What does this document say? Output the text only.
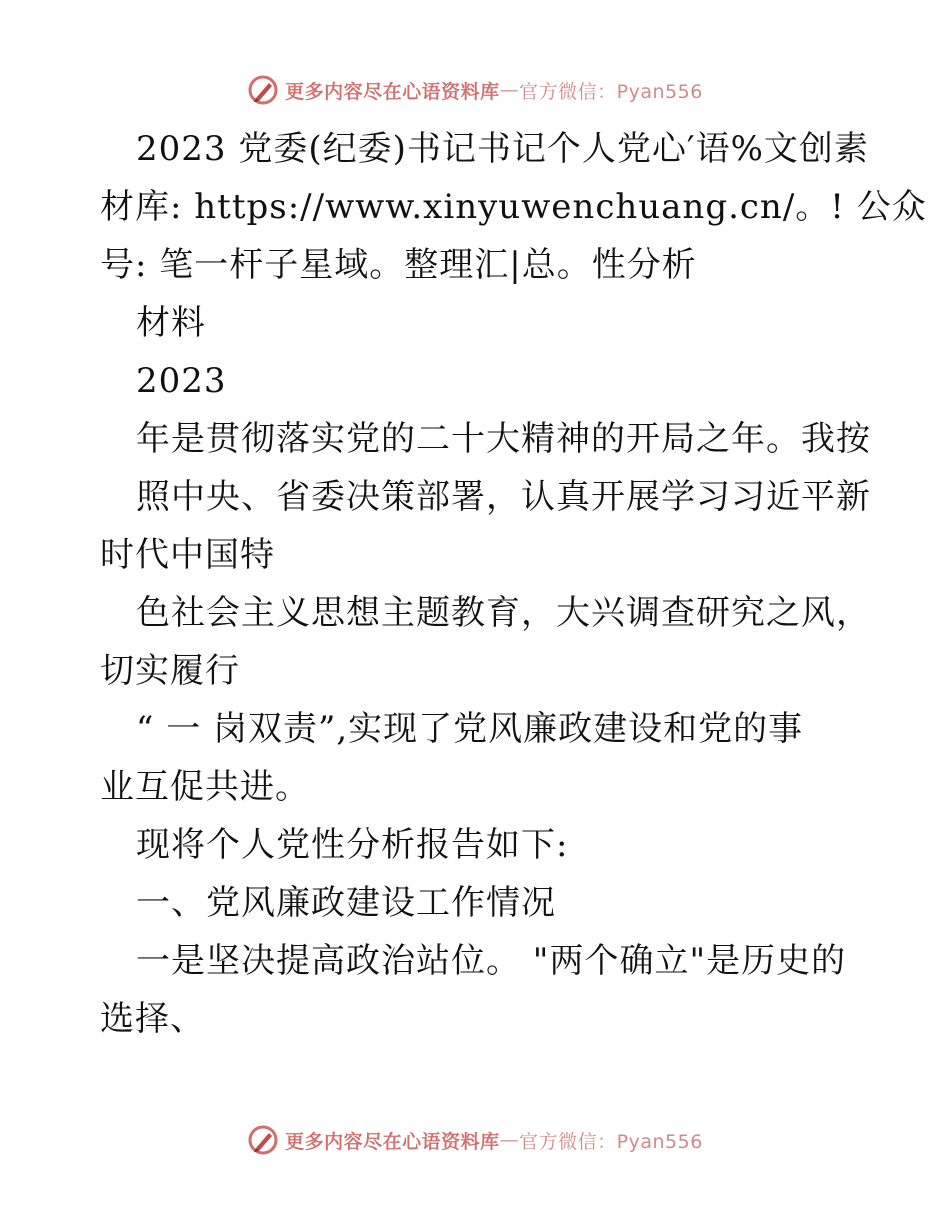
更多内容尽在心语资料库 — 官方微信：Pyan556
2023 党委(纪委)书记书记个人党心′语%文创素
材库: https://www.xinyuwenchuang.cn/。! 公众
号: 笔一杆子星域。整理汇|总。性分析
材料
2023
年是贯彻落实党的二十大精神的开局之年。我按
照中央、省委决策部署，认真开展学习习近平新
时代中国特
色社会主义思想主题教育，大兴调查研究之风，
切实履行
“ 一 岗双责”,实现了党风廉政建设和党的事
业互促共进。
现将个人党性分析报告如下:
一、党风廉政建设工作情况
一是坚决提高政治站位。 "两个确立"是历史的
选择、
更多内容尽在心语资料库 — 官方微信：Pyan556
